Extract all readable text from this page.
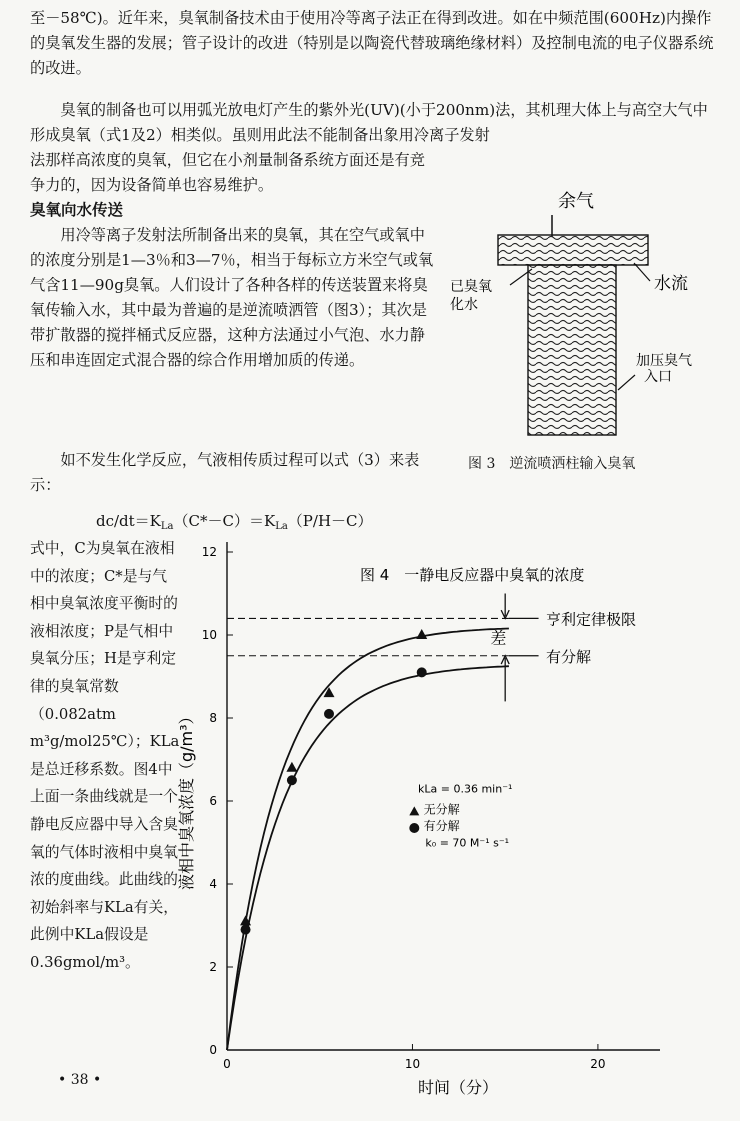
至－58℃)。近年来，臭氧制备技术由于使用冷等离子法正在得到改进。如在中频范围(600Hz)内操作的臭氧发生器的发展；管子设计的改进（特别是以陶瓷代替玻璃绝缘材料）及控制电流的电子仪器系统的改进。
臭氧的制备也可以用弧光放电灯产生的紫外光(UV)(小于200nm)法，其机理大体上与高空大气中形成臭氧（式1及2）相类似。虽则用此法不能制备出象用冷离子发射
法那样高浓度的臭氧，但它在小剂量制备系统方面还是有竞争力的，因为设备简单也容易维护。
臭氧向水传送
用冷等离子发射法所制备出来的臭氧，其在空气或氧中的浓度分别是1—3％和3—7％，相当于每标立方米空气或氧气含11—90g臭氧。人们设计了各种各样的传送装置来将臭氧传输入水，其中最为普遍的是逆流喷洒管（图3）；其次是带扩散器的搅拌桶式反应器，这种方法通过小气泡、水力静压和串连固定式混合器的综合作用增加质的传递。
如不发生化学反应，气液相传质过程可以式（3）来表示：
$dc/dt=K_{La}(C*-C)=K_{La}(P/H-C)$
式中，C为臭氧在液相中的浓度；C*是与气相中臭氧浓度平衡时的液相浓度；P是气相中臭氧分压；H是亨利定律的臭氧常数（0.082atm m³g/mol25℃）；KLa是总迁移系数。图4中上面一条曲线就是一个静电反应器中导入含臭氧的气体时液相中臭氧浓的度曲线。此曲线的初始斜率与KLa有关，此例中KLa假设是0.36gmol/m³。
• 38 •
余气
已臭氧 化水
水流
加压臭气 入口
图 3　逆流喷洒柱输入臭氧
0
2
4
6
8
10
12
0	10	20
亨利定律极限
有分解
差
图 4　一静电反应器中臭氧的浓度
时间（分）
液相中臭氧浓度（g/m³）	kLa = 0.36 min⁻¹
无分解
有分解
k₀ = 70 M⁻¹ s⁻¹
